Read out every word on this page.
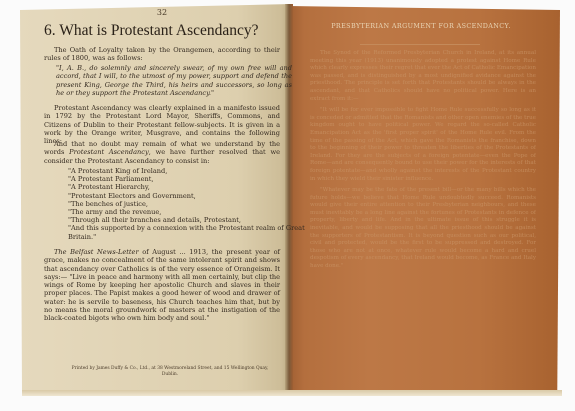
32
6. What is Protestant Ascendancy?
The Oath of Loyalty taken by the Orangemen, according to their rules of 1800, was as follows:
"I, A. B., do solemnly and sincerely swear, of my own free will and accord, that I will, to the utmost of my power, support and defend the present King, George the Third, his heirs and successors, so long as he or they support the Protestant Ascendancy."
Protestant Ascendancy was clearly explained in a manifesto issued in 1792 by the Protestant Lord Mayor, Sheriffs, Commons, and Citizens of Dublin to their Protestant fellow-subjects. It is given in a work by the Orange writer, Musgrave, and contains the following lines:
And that no doubt may remain of what we understand by the words Protestant Ascendancy, we have further resolved that we consider the Protestant Ascendancy to consist in:
"A Protestant King of Ireland,
"A Protestant Parliament,
"A Protestant Hierarchy,
"Protestant Electors and Government,
"The benches of justice,
"The army and the revenue,
"Through all their branches and details, Protestant,
"And this supported by a connexion with the Protestant realm of Great Britain."
The Belfast News-Letter of August ... 1913, the present year of grace, makes no concealment of the same intolerant spirit and shows that ascendancy over Catholics is of the very essence of Orangeism. It says:— "Live in peace and harmony with all men certainly, but clip the wings of Rome by keeping her apostolic Church and slaves in their proper places. The Papist makes a good hewer of wood and drawer of water: he is servile to baseness, his Church teaches him that, but by no means the moral groundwork of masters at the instigation of the black-coated bigots who own him body and soul."
Printed by James Duffy & Co., Ltd., at 38 Westmoreland Street, and 15 Wellington Quay, Dublin.
PRESBYTERIAN ARGUMENT FOR ASCENDANCY.

The Synod of the Reformed Presbyterian Church in Ireland, at its annual meeting this year (1913) unanimously adopted a protest against Home Rule which clearly expresses their regret that ever the Act of Catholic Emancipation was passed, and is distinguished by a most undignified avidance against the priesthood. The principle is set forth that Protestants should be always in the ascendant, and that Catholics should have no political power. Here is an extract from it:—

"It will be for ever impossible to fight Home Rule successfully so long as it is conceded or admitted that the Romanists and other open enemies of the true kingdom ought to have political power. We regard the so-called Catholic Emancipation Act as the 'first proper spirit' of the Home Rule evil. From the time of the passing of the Act, which gave the Romanists the franchise, down to the beginning of their power to threaten the liberties of the Protestants of Ireland. For they are the subjects of a foreign potentate—even the Pope of Rome—and are consequently bound to use their power for the interests of that foreign potentate—and wholly against the interests of the Protestant country in which they wield their sinister influence.

"Whatever may be the fate of the present bill—or the many bills which the future holds—we believe that Home Rule undoubtedly succeed. Romanists would give their entire attention to their Presbyterian neighbours, and these must inevitably be a long line against the fortunes of Protestants in defence of property, liberty and life. And in the ultimate issue of this struggle it is inevitable, and would be supposing that all the priesthood should be against the supporters of Protestantism. It is beyond question such as our political, civil and protected, would be the first to be suppressed and destroyed. For those who are not at once, whatever rule would become a hard and cruel despotism of every ascendancy, that Ireland would become, as France and Italy have done."
